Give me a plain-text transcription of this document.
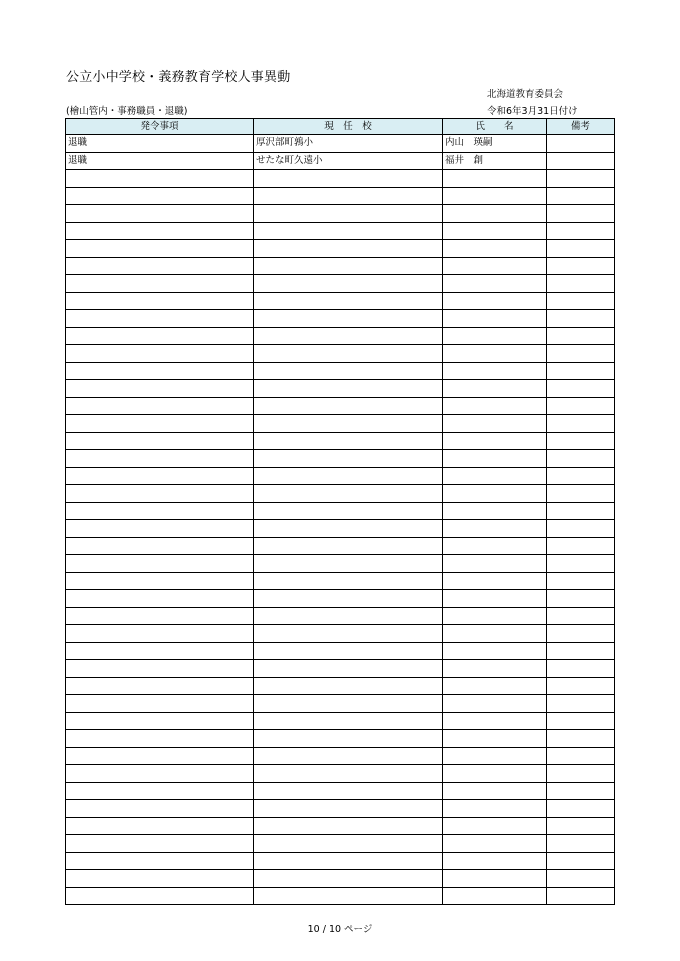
公立小中学校・義務教育学校人事異動
北海道教育委員会
(檜山管内・事務職員・退職)	令和6年3月31日付け
発令事項	現　任　校	氏　　名	備考
退職	厚沢部町鶉小	内山　瑛嗣	
退職	せたな町久遠小	福井　創	

10 / 10 ページ
